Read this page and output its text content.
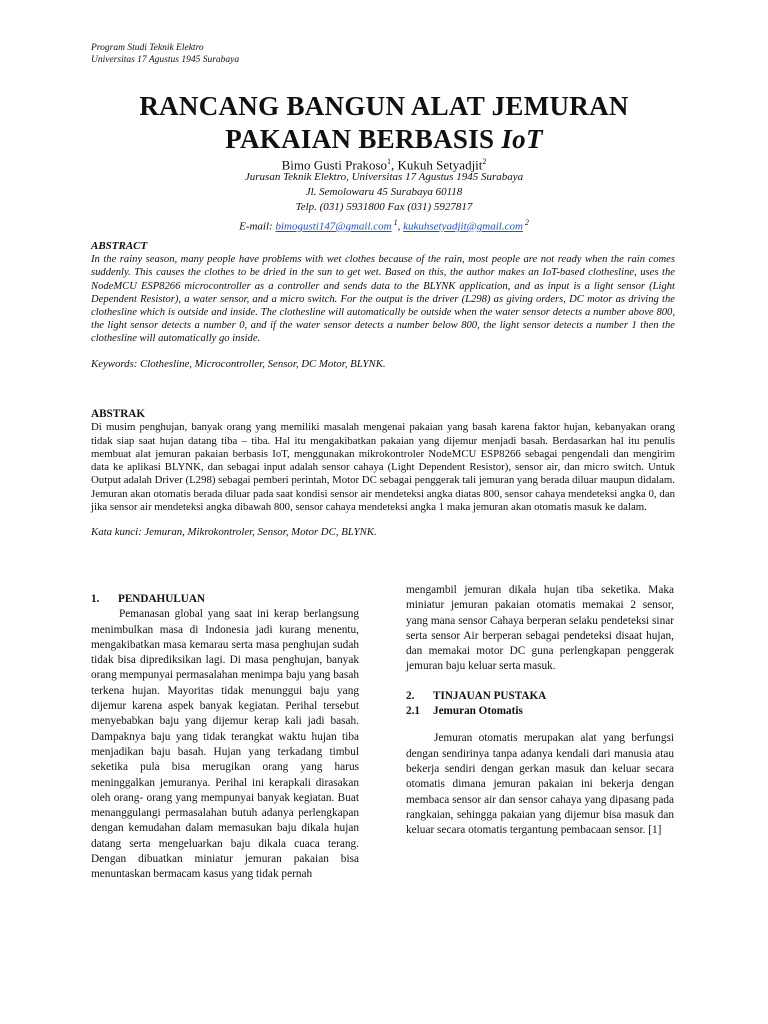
Program Studi Teknik Elektro
Universitas 17 Agustus 1945 Surabaya
RANCANG BANGUN ALAT JEMURAN
PAKAIAN BERBASIS IoT
Bimo Gusti Prakoso$^1$, Kukuh Setyadjit$^2$
Jurusan Teknik Elektro, Universitas 17 Agustus 1945 Surabaya
Jl. Semolowaru 45 Surabaya 60118
Telp. (031) 5931800 Fax (031) 5927817
E-mail: bimogusti147@gmail.com $^1$, kukuhsetyadjit@gmail.com $^2$
ABSTRACT

In the rainy season, many people have problems with wet clothes because of the rain, most people are not ready when the rain comes suddenly. This causes the clothes to be dried in the sun to get wet. Based on this, the author makes an IoT-based clothesline, uses the NodeMCU ESP8266 microcontroller as a controller and sends data to the BLYNK application, and as input is a light sensor (Light Dependent Resistor), a water sensor, and a micro switch. For the output is the driver (L298) as giving orders, DC motor as driving the clothesline which is outside and inside. The clothesline will automatically be outside when the water sensor detects a number above 800, the light sensor detects a number 0, and if the water sensor detects a number below 800, the light sensor detects a number 1 then the clothesline will automatically go inside.

Keywords: Clothesline, Microcontroller, Sensor, DC Motor, BLYNK.

ABSTRAK

Di musim penghujan, banyak orang yang memiliki masalah mengenai pakaian yang basah karena faktor hujan, kebanyakan orang tidak siap saat hujan datang tiba – tiba. Hal itu mengakibatkan pakaian yang dijemur menjadi basah. Berdasarkan hal itu penulis membuat alat jemuran pakaian berbasis IoT, menggunakan mikrokontroler NodeMCU ESP8266 sebagai pengendali dan mengirim data ke aplikasi BLYNK, dan sebagai input adalah sensor cahaya (Light Dependent Resistor), sensor air, dan micro switch. Untuk Output adalah Driver (L298) sebagai pemberi perintah, Motor DC sebagai penggerak tali jemuran yang berada diluar maupun didalam. Jemuran akan otomatis berada diluar pada saat kondisi sensor air mendeteksi angka diatas 800, sensor cahaya mendeteksi angka 0, dan jika sensor air mendeteksi angka dibawah 800, sensor cahaya mendeteksi angka 1 maka jemuran akan otomatis masuk ke dalam.

Kata kunci: Jemuran, Mikrokontroler, Sensor, Motor DC, BLYNK.

1. PENDAHULUAN

Pemanasan global yang saat ini kerap berlangsung menimbulkan masa di Indonesia jadi kurang menentu, mengakibatkan masa kemarau serta masa penghujan sudah tidak bisa diprediksikan lagi. Di masa penghujan, banyak orang mempunyai permasalahan menimpa baju yang basah terkena hujan. Mayoritas tidak menunggui baju yang dijemur karena aspek banyak kegiatan. Perihal tersebut menyebabkan baju yang dijemur kerap kali jadi basah. Dampaknya baju yang tidak terangkat waktu hujan tiba menjadikan baju basah. Hujan yang terkadang timbul seketika pula bisa merugikan orang yang harus meninggalkan jemuranya. Perihal ini kerapkali dirasakan oleh orang- orang yang mempunyai banyak kegiatan. Buat menanggulangi permasalahan butuh adanya perlengkapan dengan kemudahan dalam memasukan baju dikala hujan datang serta mengeluarkan baju dikala cuaca terang. Dengan dibuatkan miniatur jemuran pakaian bisa menuntaskan bermacam kasus yang tidak pernah

mengambil jemuran dikala hujan tiba seketika. Maka miniatur jemuran pakaian otomatis memakai 2 sensor, yang mana sensor Cahaya berperan selaku pendeteksi sinar serta sensor Air berperan sebagai pendeteksi disaat hujan, dan memakai motor DC guna perlengkapan penggerak jemuran baju keluar serta masuk.

2. TINJAUAN PUSTAKA
2.1 Jemuran Otomatis

Jemuran otomatis merupakan alat yang berfungsi dengan sendirinya tanpa adanya kendali dari manusia atau bekerja sendiri dengan gerkan masuk dan keluar secara otomatis dimana jemuran pakaian ini bekerja dengan membaca sensor air dan sensor cahaya yang dipasang pada rangkaian, sehingga pakaian yang dijemur bisa masuk dan keluar secara otomatis tergantung pembacaan sensor. [1]
